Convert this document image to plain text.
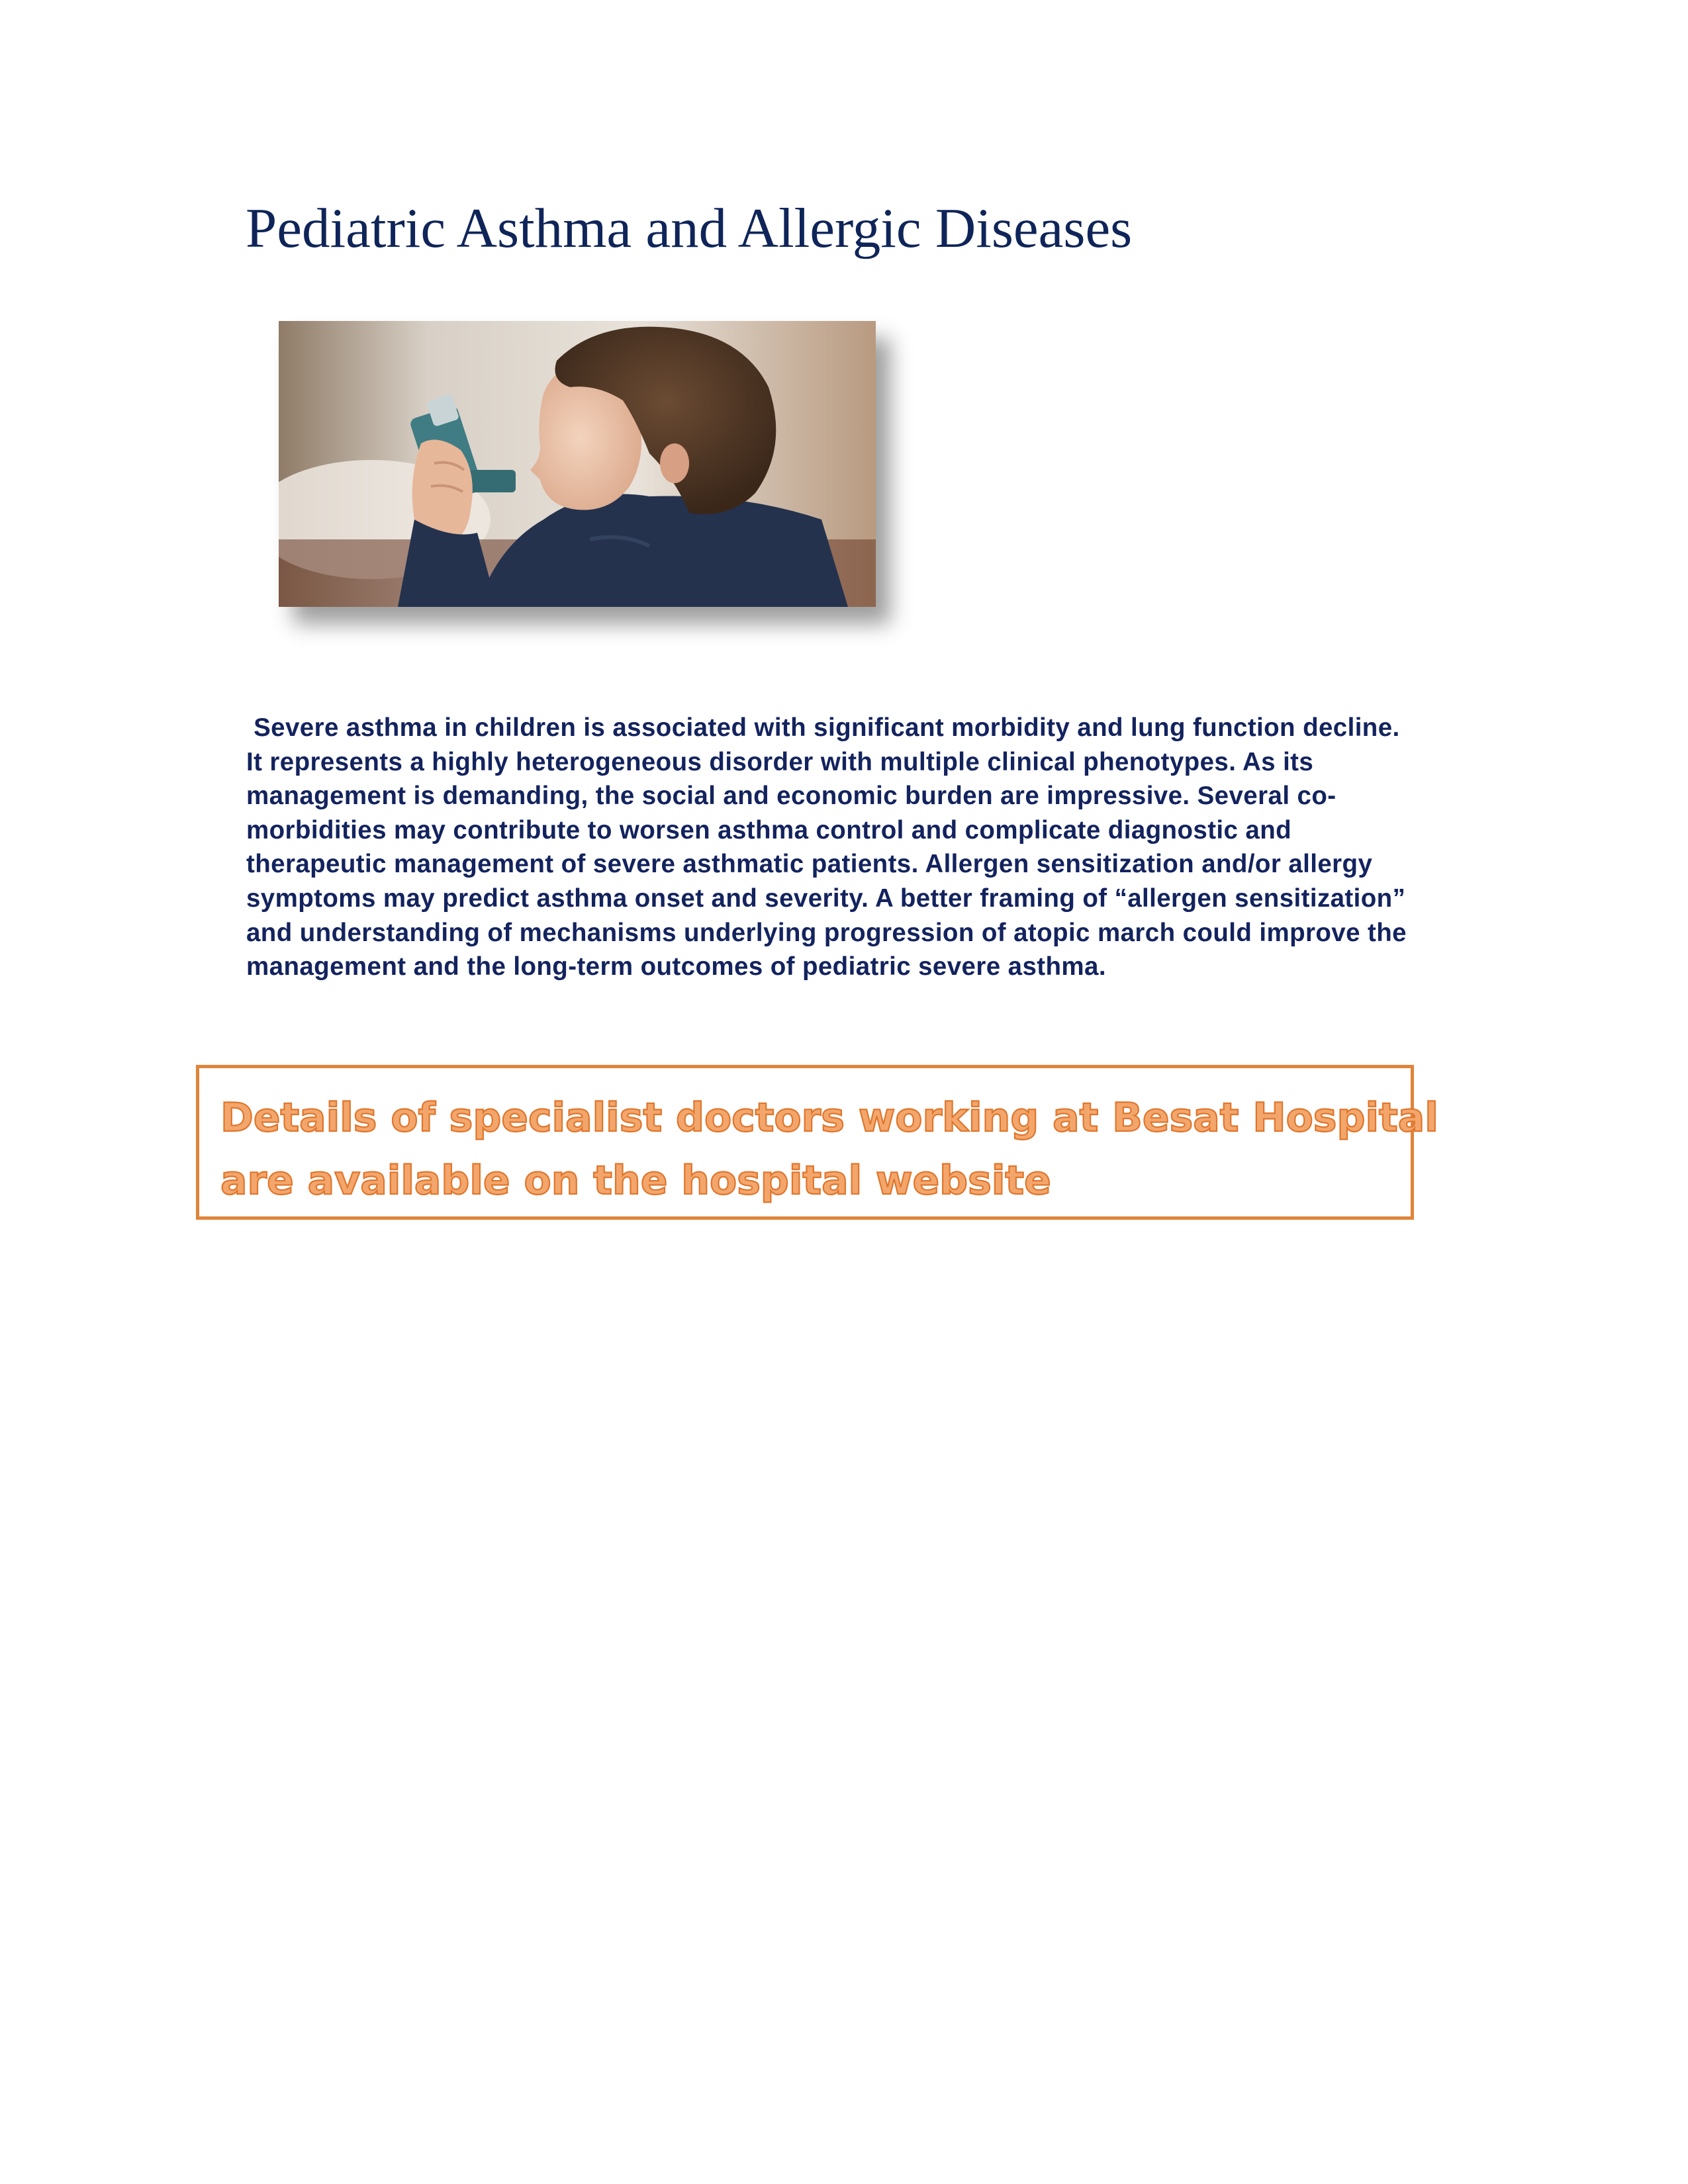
Pediatric Asthma and Allergic Diseases
Severe asthma in children is associated with significant morbidity and lung function decline.
It represents a highly heterogeneous disorder with multiple clinical phenotypes. As its
management is demanding, the social and economic burden are impressive. Several co-
morbidities may contribute to worsen asthma control and complicate diagnostic and
therapeutic management of severe asthmatic patients. Allergen sensitization and/or allergy
symptoms may predict asthma onset and severity. A better framing of “allergen sensitization”
and understanding of mechanisms underlying progression of atopic march could improve the
management and the long-term outcomes of pediatric severe asthma.
Details of specialist doctors working at Besat Hospital
are available on the hospital website
